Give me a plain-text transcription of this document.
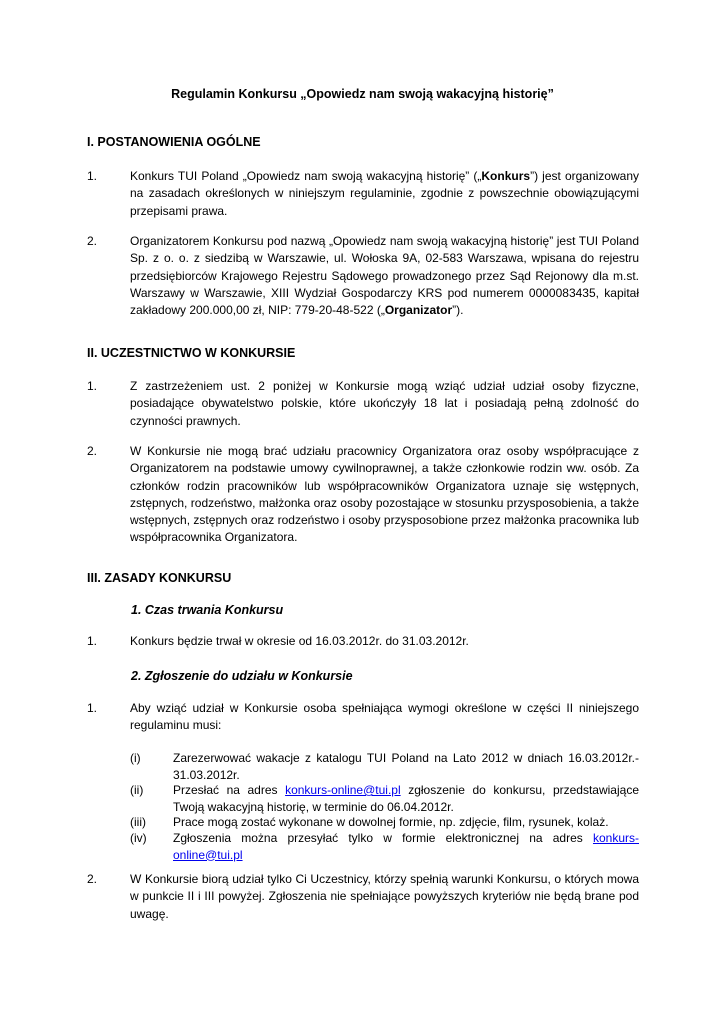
Regulamin Konkursu „Opowiedz nam swoją wakacyjną historię”
I. POSTANOWIENIA OGÓLNE
1.	Konkurs TUI Poland „Opowiedz nam swoją wakacyjną historię” („Konkurs”) jest organizowany na zasadach określonych w niniejszym regulaminie, zgodnie z powszechnie obowiązującymi przepisami prawa.
2.	Organizatorem Konkursu pod nazwą „Opowiedz nam swoją wakacyjną historię” jest TUI Poland Sp. z o. o. z siedzibą w Warszawie, ul. Wołoska 9A, 02-583 Warszawa, wpisana do rejestru przedsiębiorców Krajowego Rejestru Sądowego prowadzonego przez Sąd Rejonowy dla m.st. Warszawy w Warszawie, XIII Wydział Gospodarczy KRS pod numerem 0000083435, kapitał zakładowy 200.000,00 zł, NIP: 779-20-48-522 („Organizator”).
II. UCZESTNICTWO W KONKURSIE
1.	Z zastrzeżeniem ust. 2 poniżej w Konkursie mogą wziąć udział udział osoby fizyczne, posiadające obywatelstwo polskie, które ukończyły 18 lat i posiadają pełną zdolność do czynności prawnych.
2.	W Konkursie nie mogą brać udziału pracownicy Organizatora oraz osoby współpracujące z Organizatorem na podstawie umowy cywilnoprawnej, a także członkowie rodzin ww. osób. Za członków rodzin pracowników lub współpracowników Organizatora uznaje się wstępnych, zstępnych, rodzeństwo, małżonka oraz osoby pozostające w stosunku przysposobienia, a także wstępnych, zstępnych oraz rodzeństwo i osoby przysposobione przez małżonka pracownika lub współpracownika Organizatora.
III. ZASADY KONKURSU
1. Czas trwania Konkursu
1.	Konkurs będzie trwał w okresie od 16.03.2012r. do 31.03.2012r.
2. Zgłoszenie do udziału w Konkursie
1.	Aby wziąć udział w Konkursie osoba spełniająca wymogi określone w części II niniejszego regulaminu musi:
(i)	Zarezerwować wakacje z katalogu TUI Poland na Lato 2012 w dniach 16.03.2012r.- 31.03.2012r.
(ii) Przesłać na adres konkurs-online@tui.pl zgłoszenie do konkursu, przedstawiające Twoją wakacyjną historię, w terminie do 06.04.2012r.
(iii) Prace mogą zostać wykonane w dowolnej formie, np. zdjęcie, film, rysunek, kolaż.
(iv) Zgłoszenia można przesyłać tylko w formie elektronicznej na adres konkurs-online@tui.pl
2.	W Konkursie biorą udział tylko Ci Uczestnicy, którzy spełnią warunki Konkursu, o których mowa w punkcie II i III powyżej. Zgłoszenia nie spełniające powyższych kryteriów nie będą brane pod uwagę.
